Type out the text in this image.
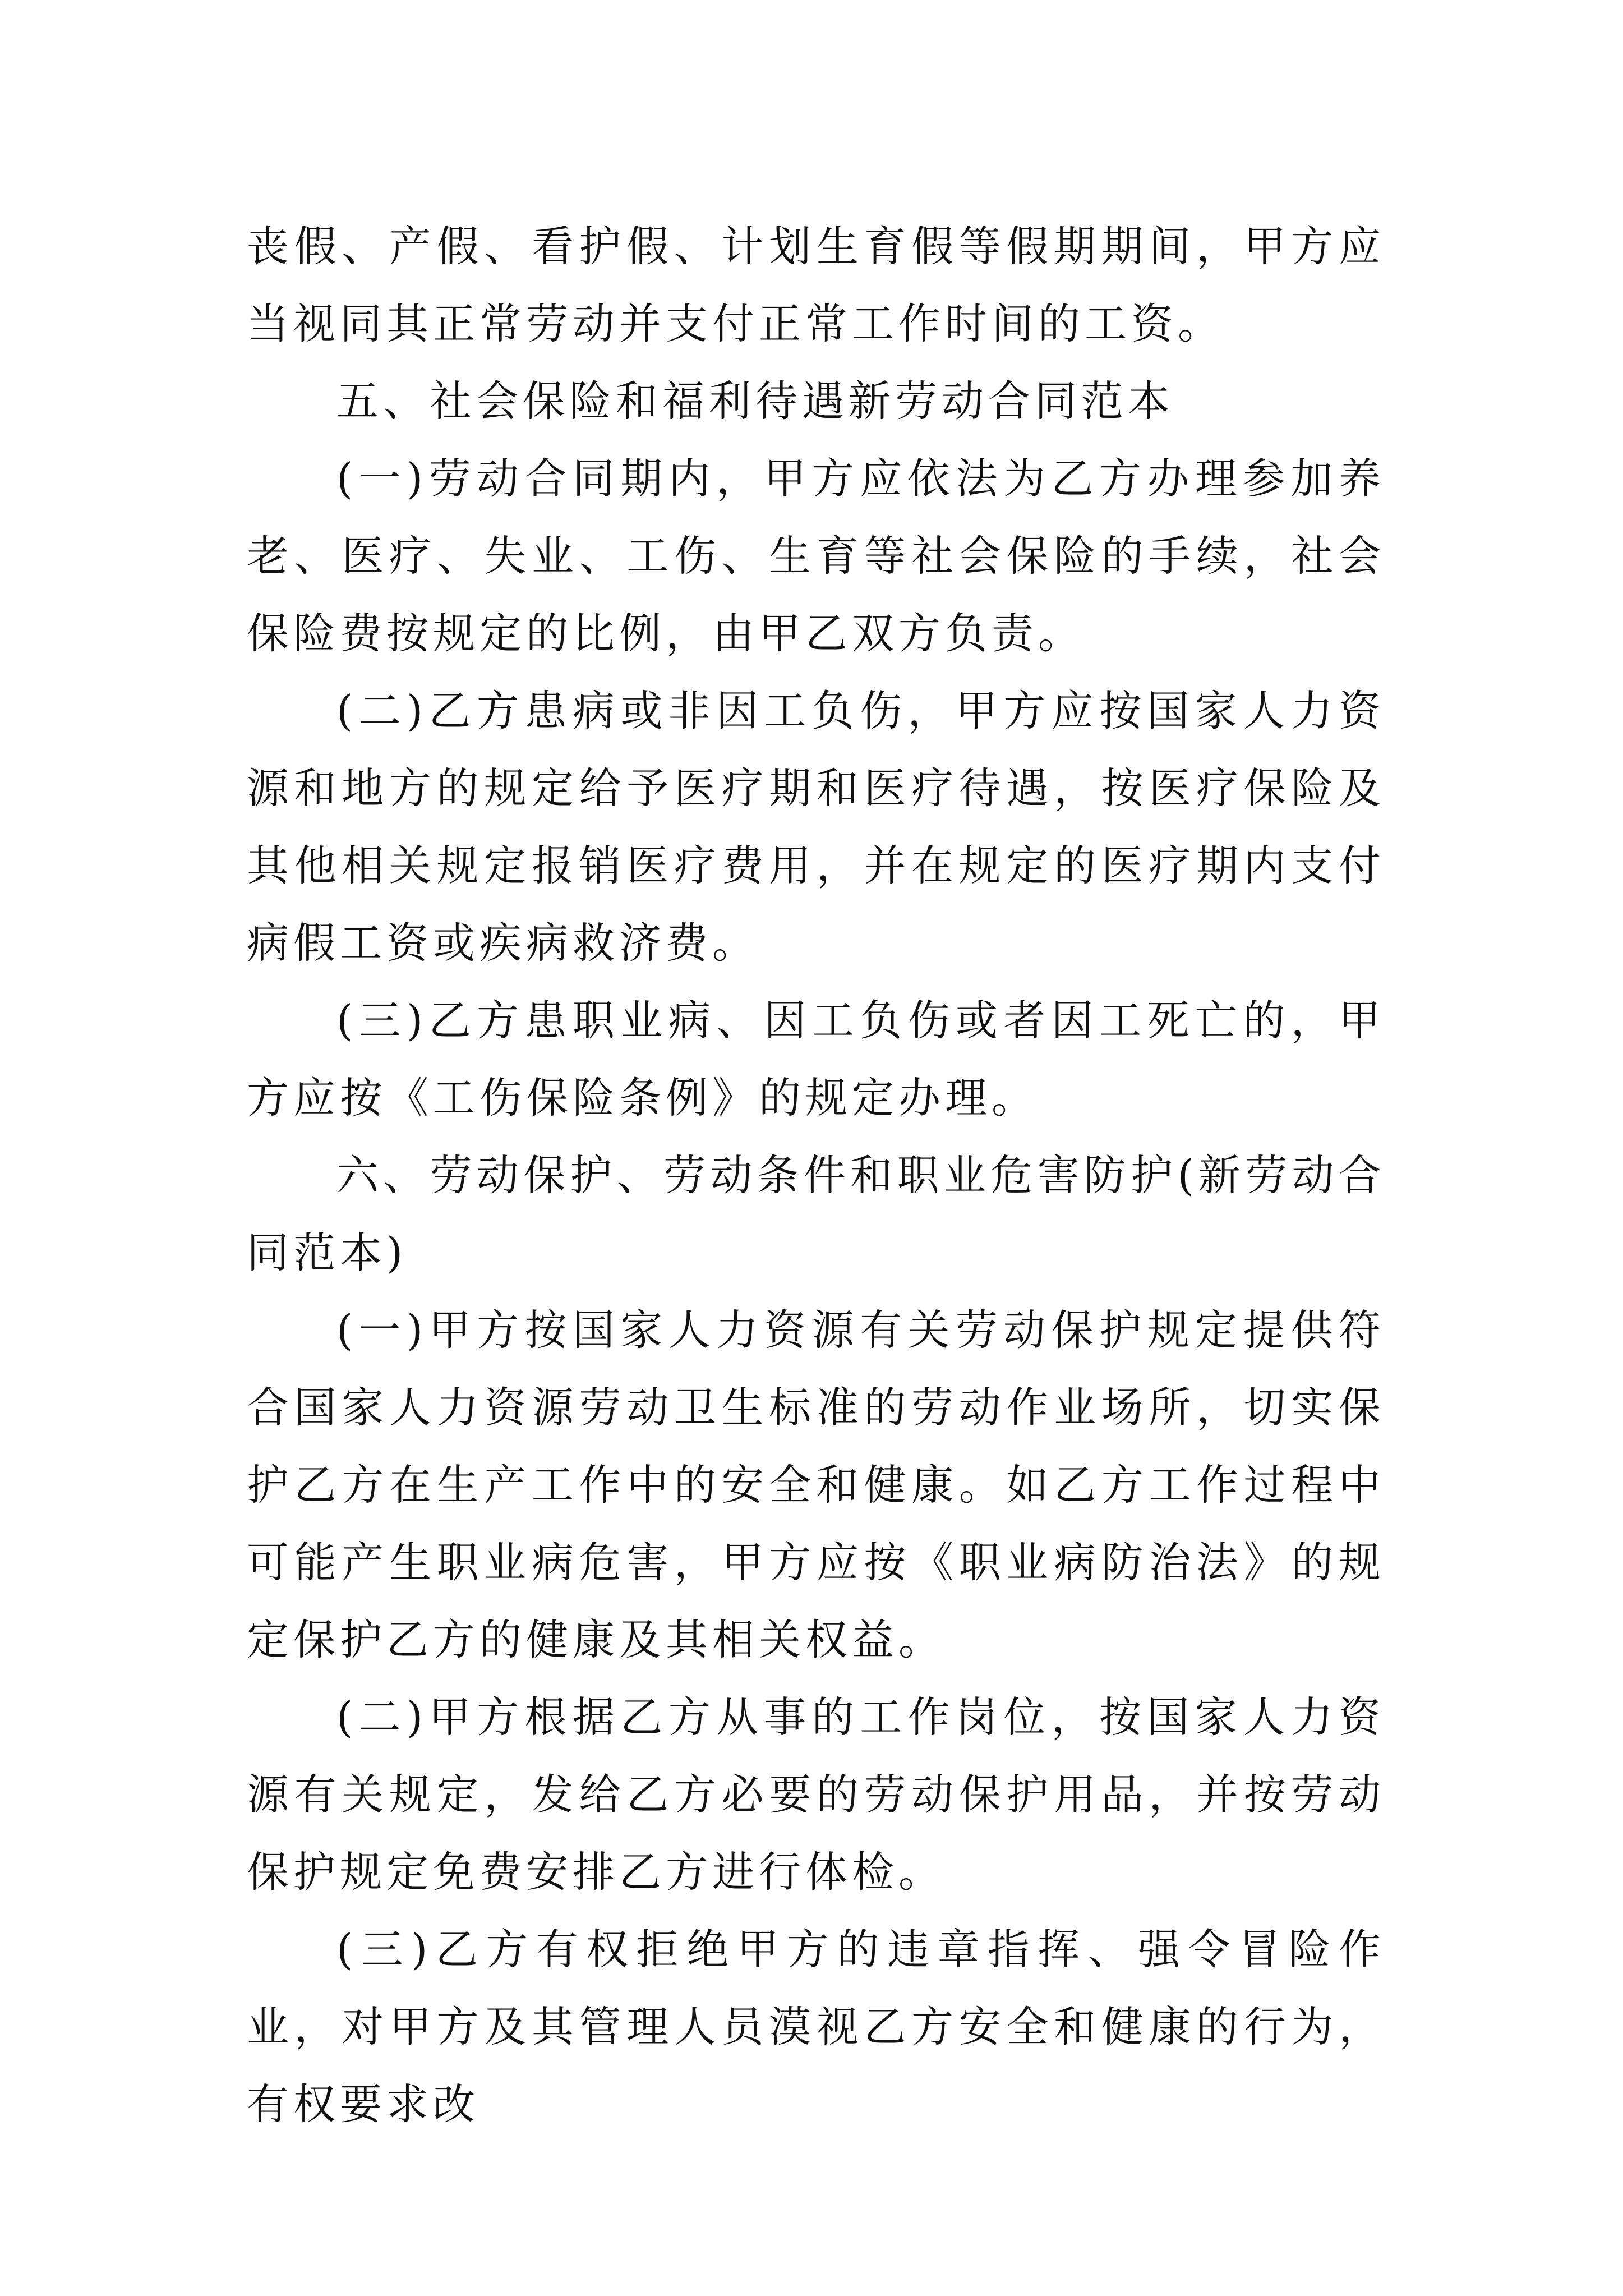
丧假、产假、看护假、计划生育假等假期期间，甲方应当视同其正常劳动并支付正常工作时间的工资。

五、社会保险和福利待遇新劳动合同范本

(一)劳动合同期内，甲方应依法为乙方办理参加养老、医疗、失业、工伤、生育等社会保险的手续，社会保险费按规定的比例，由甲乙双方负责。

(二)乙方患病或非因工负伤，甲方应按国家人力资源和地方的规定给予医疗期和医疗待遇，按医疗保险及其他相关规定报销医疗费用，并在规定的医疗期内支付病假工资或疾病救济费。

(三)乙方患职业病、因工负伤或者因工死亡的，甲方应按《工伤保险条例》的规定办理。

六、劳动保护、劳动条件和职业危害防护(新劳动合同范本)

(一)甲方按国家人力资源有关劳动保护规定提供符合国家人力资源劳动卫生标准的劳动作业场所，切实保护乙方在生产工作中的安全和健康。如乙方工作过程中可能产生职业病危害，甲方应按《职业病防治法》的规定保护乙方的健康及其相关权益。

(二)甲方根据乙方从事的工作岗位，按国家人力资源有关规定，发给乙方必要的劳动保护用品，并按劳动保护规定免费安排乙方进行体检。

(三)乙方有权拒绝甲方的违章指挥、强令冒险作业，对甲方及其管理人员漠视乙方安全和健康的行为，有权要求改
